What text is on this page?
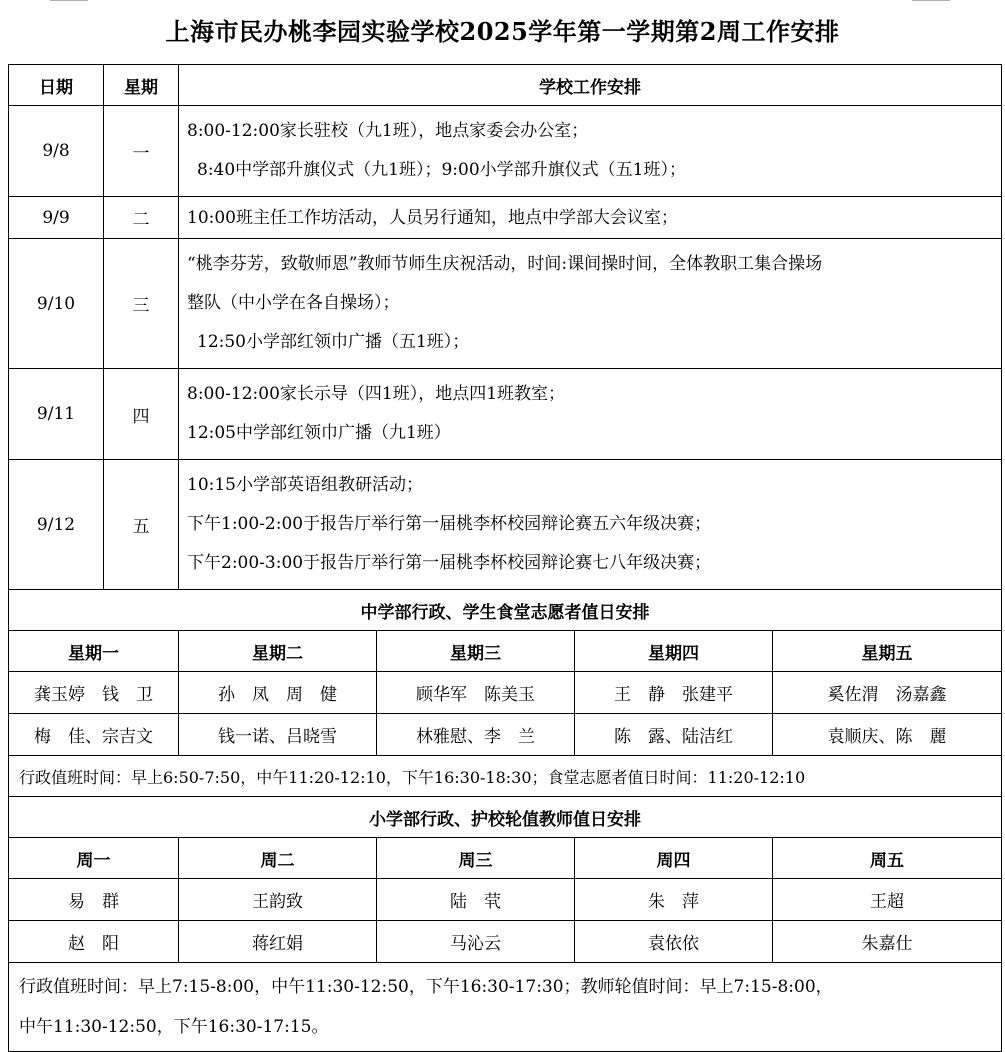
上海市民办桃李园实验学校2025学年第一学期第2周工作安排
日期	星期	学校工作安排			
9/8	一	8:00-12:00家长驻校（九1班），地点家委会办公室；
8:40中学部升旗仪式（九1班）；9:00小学部升旗仪式（五1班）；			

9/9	二	10:00班主任工作坊活动，人员另行通知，地点中学部大会议室；			

9/10	三	“桃李芬芳，致敬师恩”教师节师生庆祝活动，时间:课间操时间，全体教职工集合操场
整队（中小学在各自操场）；
12:50小学部红领巾广播（五1班）；			

9/11	四	8:00-12:00家长示导（四1班），地点四1班教室；
12:05中学部红领巾广播（九1班）			

9/12	五	10:15小学部英语组教研活动；
下午1:00-2:00于报告厅举行第一届桃李杯校园辩论赛五六年级决赛；
下午2:00-3:00于报告厅举行第一届桃李杯校园辩论赛七八年级决赛；			

中学部行政、学生食堂志愿者值日安排					
星期一		星期二	星期三	星期四	星期五
龚玉婷　钱　卫		孙　凤　周　健	顾华军　陈美玉	王　静　张建平	奚佐渭　汤嘉鑫
梅　佳、宗吉文		钱一诺、吕晓雪	林雅慰、李　兰	陈　露、陆洁红	袁顺庆、陈　麗
行政值班时间：早上6:50-7:50，中午11:20-12:10，下午16:30-18:30；食堂志愿者值日时间：11:20-12:10					
小学部行政、护校轮值教师值日安排					
周一		周二	周三	周四	周五
易　群		王韵致	陆　茕	朱　萍	王超
赵　阳		蒋红娟	马沁云	袁依依	朱嘉仕

行政值班时间：早上7:15-8:00，中午11:30-12:50，下午16:30-17:30；教师轮值时间：早上7:15-8:00，
中午11:30-12:50，下午16:30-17:15。					
